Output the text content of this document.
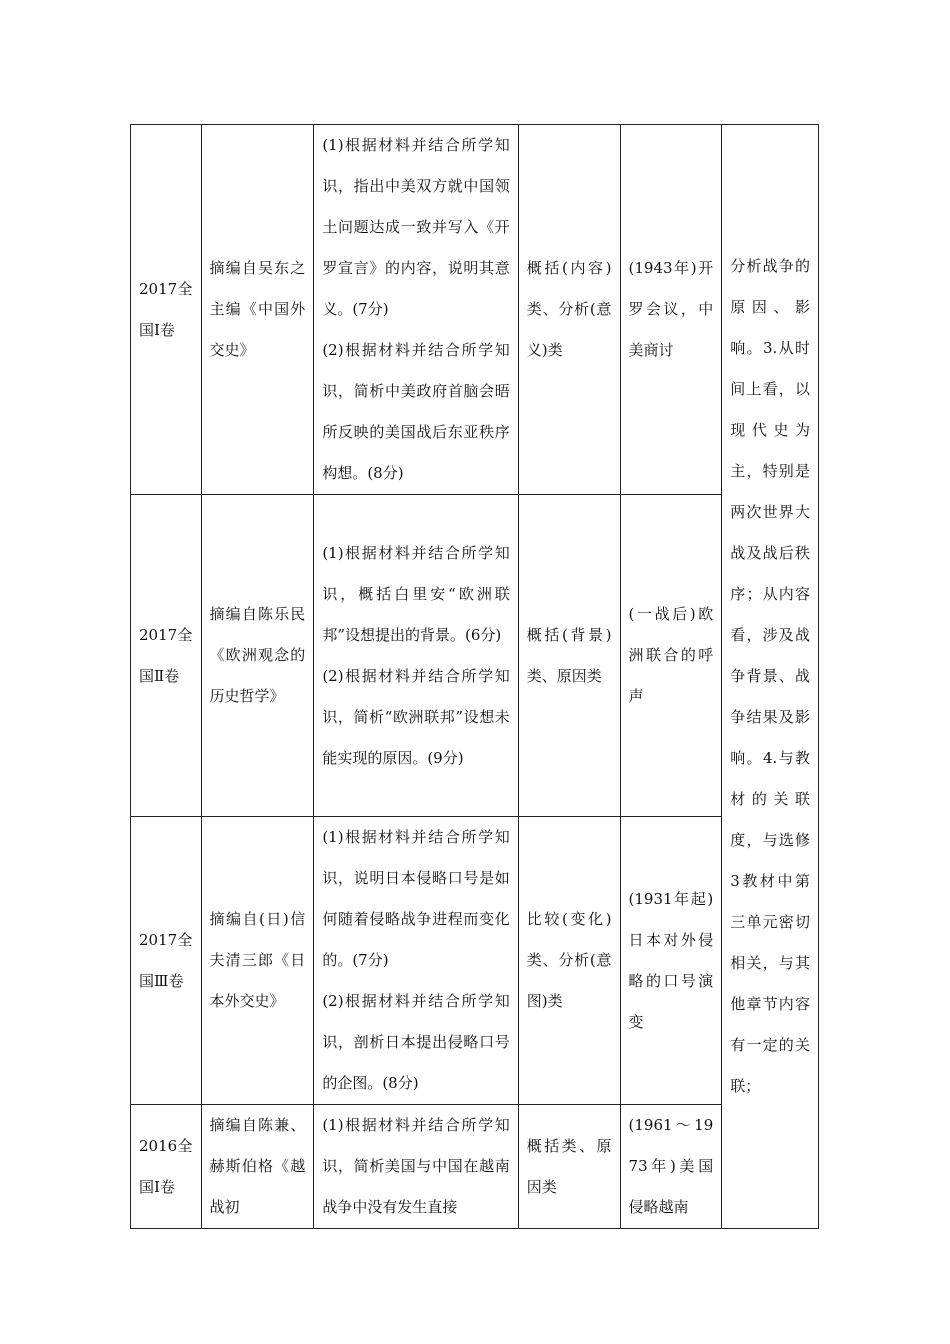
2017全国Ⅰ卷	摘编自吴东之主编《中国外交史》	(1)根据材料并结合所学知识，指出中美双方就中国领土问题达成一致并写入《开罗宣言》的内容，说明其意义。(7分)
(2)根据材料并结合所学知识，简析中美政府首脑会晤所反映的美国战后东亚秩序构想。(8分)	概括(内容)类、分析(意义)类	(1943年)开罗会议，中美商讨	分析战争的原因、影响。3.从时间上看，以现代史为主，特别是两次世界大战及战后秩序；从内容看，涉及战争背景、战争结果及影响。4.与教材的关联度，与选修3教材中第三单元密切相关，与其他章节内容有一定的关联；
2017全国Ⅱ卷	摘编自陈乐民《欧洲观念的历史哲学》	(1)根据材料并结合所学知识，概括白里安“欧洲联邦”设想提出的背景。(6分)
(2)根据材料并结合所学知识，简析“欧洲联邦”设想未能实现的原因。(9分)	概括(背景)类、原因类	(一战后)欧洲联合的呼声	
2017全国Ⅲ卷	摘编自(日)信夫清三郎《日本外交史》	(1)根据材料并结合所学知识，说明日本侵略口号是如何随着侵略战争进程而变化的。(7分)
(2)根据材料并结合所学知识，剖析日本提出侵略口号的企图。(8分)	比较(变化)类、分析(意图)类	(1931年起)日本对外侵略的口号演变	
2016全国Ⅰ卷	摘编自陈兼、赫斯伯格《越战初	(1)根据材料并结合所学知识，简析美国与中国在越南战争中没有发生直接	概括类、原因类	(1961～1973年)美国侵略越南	
